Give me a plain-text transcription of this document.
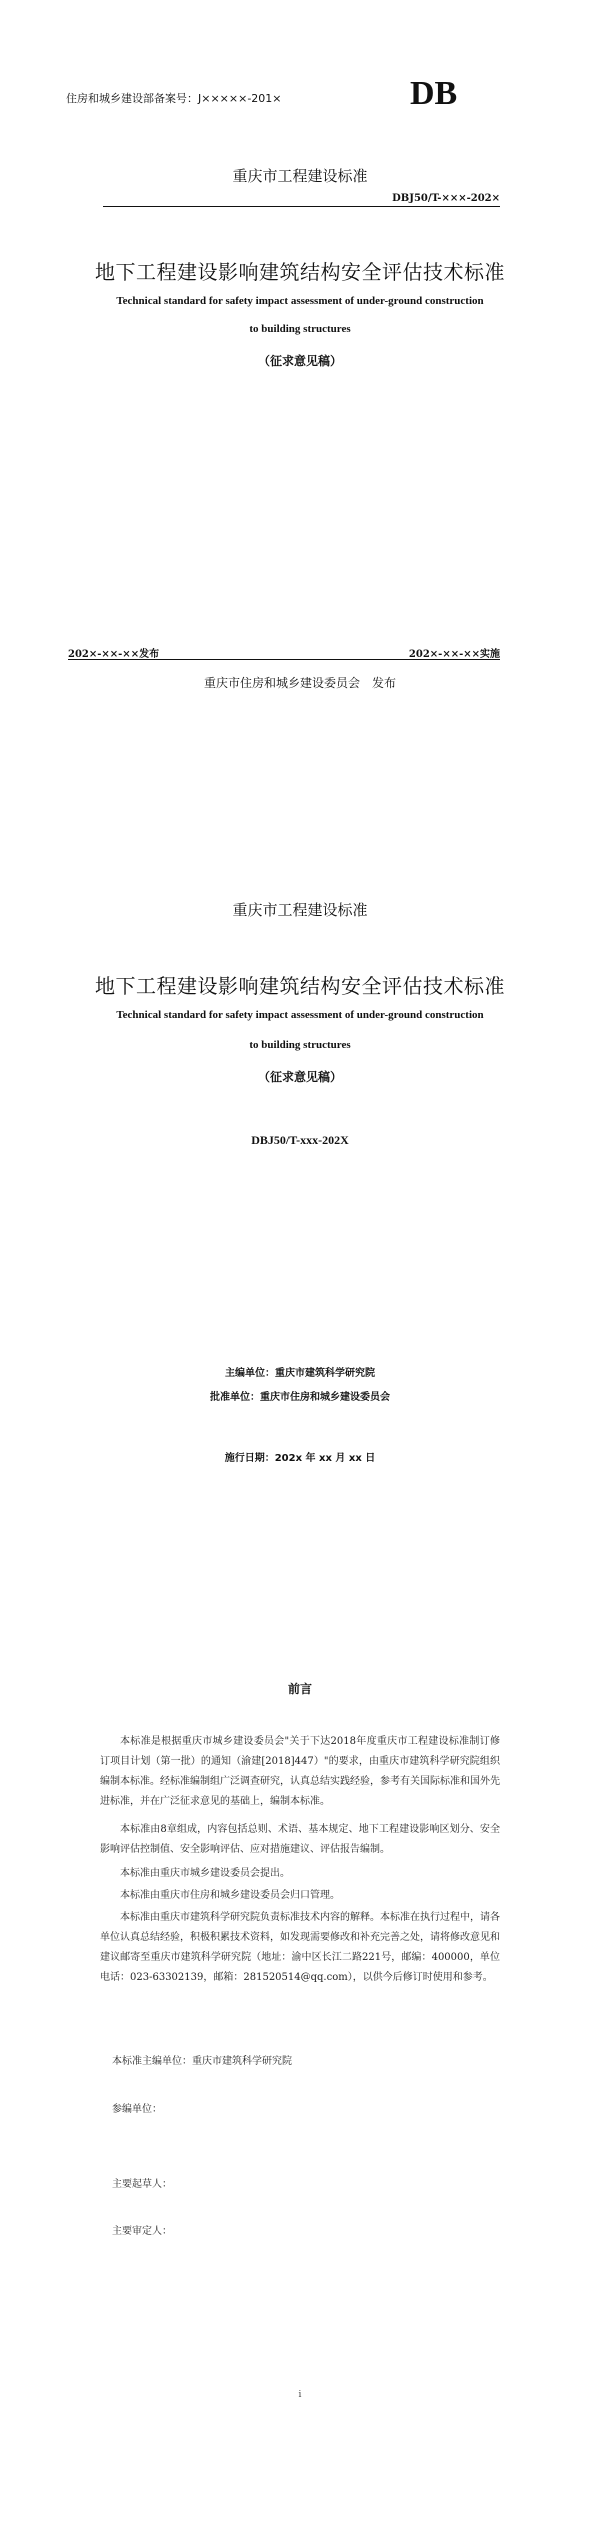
住房和城乡建设部备案号：J×××××-201×	DB
重庆市工程建设标准
DBJ50/T-×××-202×
地下工程建设影响建筑结构安全评估技术标准
Technical standard for safety impact assessment of under-ground construction
to building structures
（征求意见稿）
202×-××-××发布	202×-××-××实施
重庆市住房和城乡建设委员会　发布
重庆市工程建设标准
地下工程建设影响建筑结构安全评估技术标准
Technical standard for safety impact assessment of under-ground construction
to building structures
（征求意见稿）
DBJ50/T-xxx-202X
主编单位：重庆市建筑科学研究院
批准单位：重庆市住房和城乡建设委员会
施行日期：202x 年 xx 月 xx 日
前言
本标准是根据重庆市城乡建设委员会"关于下达2018年度重庆市工程建设标准制订修订项目计划（第一批）的通知（渝建[2018]447）"的要求，由重庆市建筑科学研究院组织编制本标准。经标准编制组广泛调查研究，认真总结实践经验，参考有关国际标准和国外先进标准，并在广泛征求意见的基础上，编制本标准。
本标准由8章组成，内容包括总则、术语、基本规定、地下工程建设影响区划分、安全影响评估控制值、安全影响评估、应对措施建议、评估报告编制。
本标准由重庆市城乡建设委员会提出。
本标准由重庆市住房和城乡建设委员会归口管理。
本标准由重庆市建筑科学研究院负责标准技术内容的解释。本标准在执行过程中，请各单位认真总结经验，积极积累技术资料，如发现需要修改和补充完善之处，请将修改意见和建议邮寄至重庆市建筑科学研究院（地址：渝中区长江二路221号，邮编：400000，单位电话：023-63302139，邮箱：281520514@qq.com），以供今后修订时使用和参考。
本标准主编单位：重庆市建筑科学研究院
参编单位：
主要起草人：
主要审定人：
i
